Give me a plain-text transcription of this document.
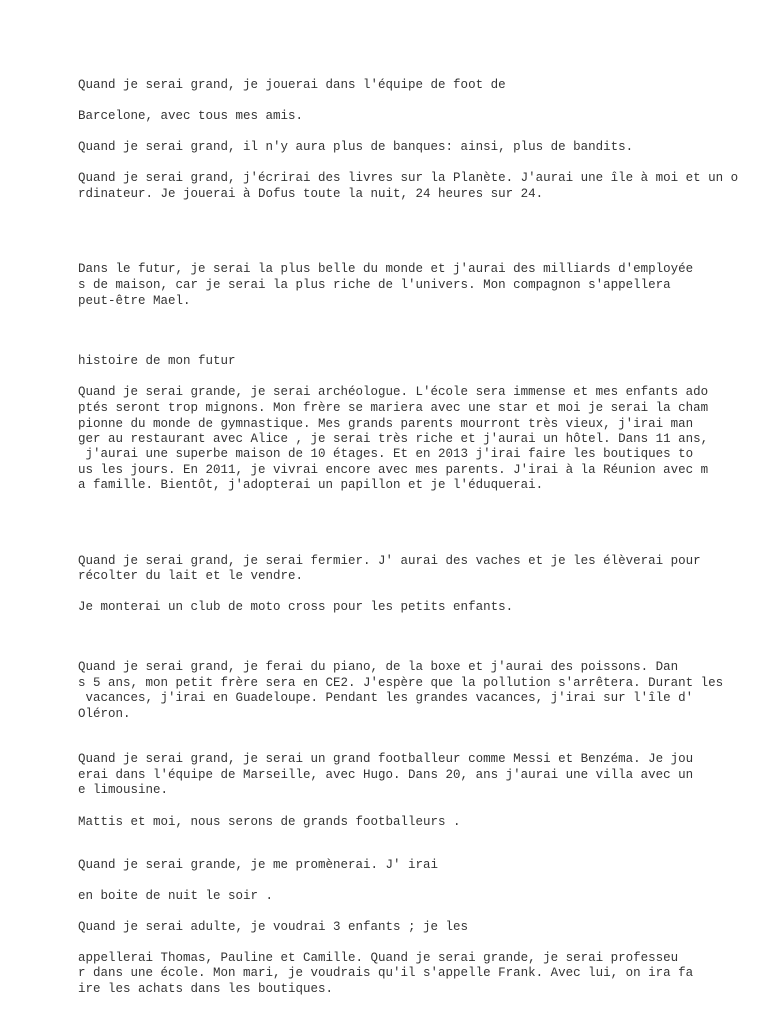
Quand je serai grand, je jouerai dans l'équipe de foot de

Barcelone, avec tous mes amis.

Quand je serai grand, il n'y aura plus de banques: ainsi, plus de bandits.

Quand je serai grand, j'écrirai des livres sur la Planète. J'aurai une île à moi et un o

rdinateur. Je jouerai à Dofus toute la nuit, 24 heures sur 24.

Dans le futur, je serai la plus belle du monde et j'aurai des milliards d'employée

s de maison, car je serai la plus riche de l'univers. Mon compagnon s'appellera

peut-être Mael.

histoire de mon futur

Quand je serai grande, je serai archéologue. L'école sera immense et mes enfants ado

ptés seront trop mignons. Mon frère se mariera avec une star et moi je serai la cham

pionne du monde de gymnastique. Mes grands parents mourront très vieux, j'irai man

ger au restaurant avec Alice , je serai très riche et j'aurai un hôtel. Dans 11 ans,

j'aurai une superbe maison de 10 étages. Et en 2013 j'irai faire les boutiques to

us les jours. En 2011, je vivrai encore avec mes parents. J'irai à la Réunion avec m

a famille. Bientôt, j'adopterai un papillon et je l'éduquerai.

Quand je serai grand, je serai fermier. J' aurai des vaches et je les élèverai pour

récolter du lait et le vendre.

Je monterai un club de moto cross pour les petits enfants.

Quand je serai grand, je ferai du piano, de la boxe et j'aurai des poissons. Dan

s 5 ans, mon petit frère sera en CE2. J'espère que la pollution s'arrêtera. Durant les

vacances, j'irai en Guadeloupe. Pendant les grandes vacances, j'irai sur l'île d'

Oléron.

Quand je serai grand, je serai un grand footballeur comme Messi et Benzéma. Je jou

erai dans l'équipe de Marseille, avec Hugo. Dans 20, ans j'aurai une villa avec un

e limousine.

Mattis et moi, nous serons de grands footballeurs .

Quand je serai grande, je me promènerai. J' irai

en boite de nuit le soir .

Quand je serai adulte, je voudrai 3 enfants ; je les

appellerai Thomas, Pauline et Camille. Quand je serai grande, je serai professeu

r dans une école. Mon mari, je voudrais qu'il s'appelle Frank. Avec lui, on ira fa

ire les achats dans les boutiques.
